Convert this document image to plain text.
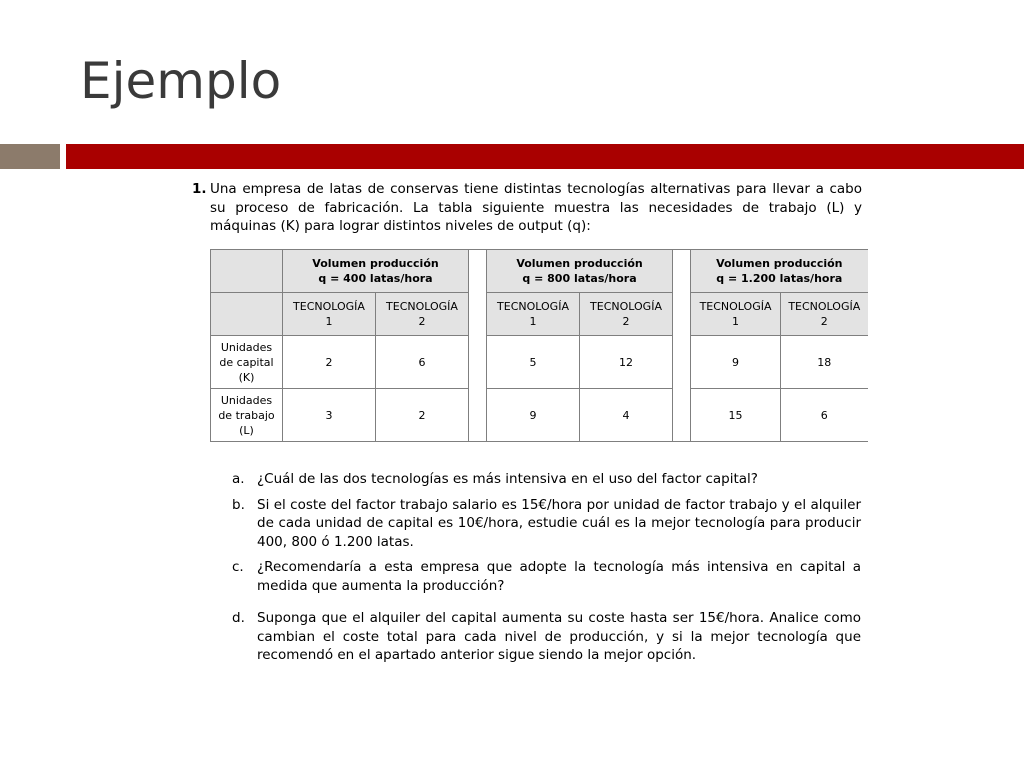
Ejemplo
1. Una empresa de latas de conservas tiene distintas tecnologías alternativas para llevar a cabo su proceso de fabricación. La tabla siguiente muestra las necesidades de trabajo (L) y máquinas (K) para lograr distintos niveles de output (q):

	Volumen producción
q = 400 latas/hora			Volumen producción
q = 800 latas/hora			Volumen producción
q = 1.200 latas/hora	

	TECNOLOGÍA
1	TECNOLOGÍA
2		TECNOLOGÍA
1	TECNOLOGÍA
2		TECNOLOGÍA
1	TECNOLOGÍA
2
Unidades
de capital
(K)	2	6		5	12		9	18
Unidades
de trabajo
(L)	3	2		9	4		15	6
a. ¿Cuál de las dos tecnologías es más intensiva en el uso del factor capital?
b. Si el coste del factor trabajo salario es 15€/hora por unidad de factor trabajo y el alquiler de cada unidad de capital es 10€/hora, estudie cuál es la mejor tecnología para producir 400, 800 ó 1.200 latas.
c. ¿Recomendaría a esta empresa que adopte la tecnología más intensiva en capital a medida que aumenta la producción?
d. Suponga que el alquiler del capital aumenta su coste hasta ser 15€/hora. Analice como cambian el coste total para cada nivel de producción, y si la mejor tecnología que recomendó en el apartado anterior sigue siendo la mejor opción.
